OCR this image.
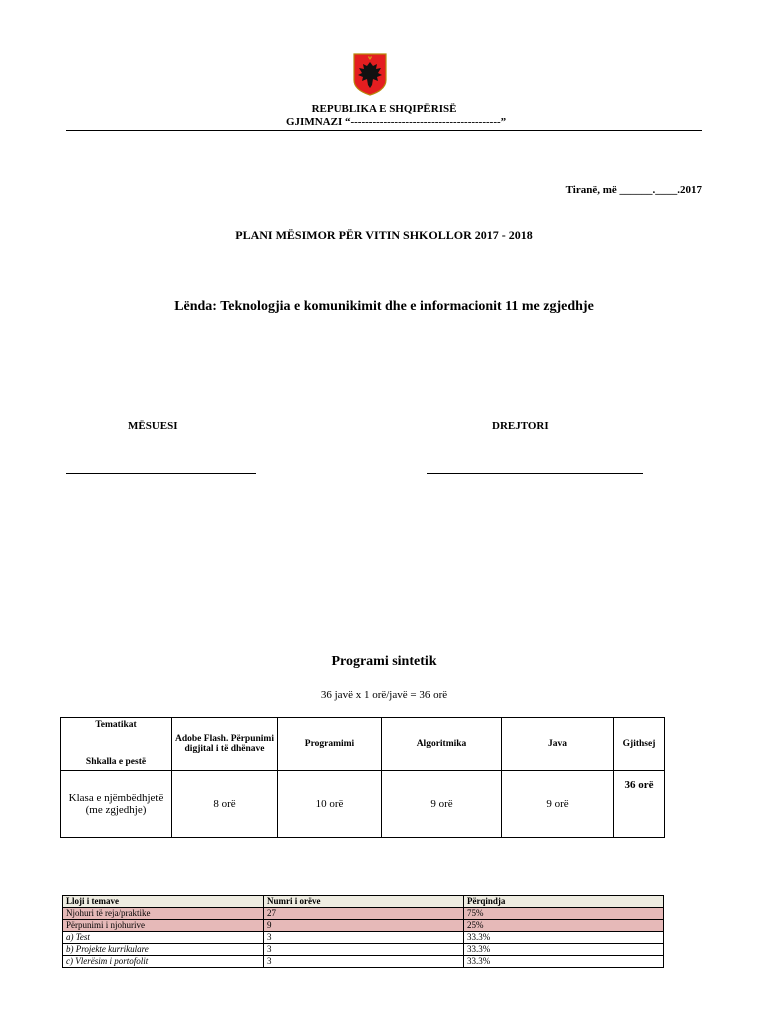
REPUBLIKA E SHQIPËRISË
GJIMNAZI “-----------------------------------------”
Tiranë, më ______.____.2017
PLANI MËSIMOR PËR VITIN SHKOLLOR 2017 - 2018
Lënda: Teknologjia e komunikimit dhe e informacionit 11 me zgjedhje
MËSUESI	DREJTORI
Programi sintetik
36 javë x 1 orë/javë = 36 orë
Tematikat
Shkalla e pestë	Adobe Flash. Përpunimi digjital i të dhënave	Programimi	Algoritmika	Java	Gjithsej
Klasa e njëmbëdhjetë (me zgjedhje)	8 orë	10 orë	9 orë	9 orë	36 orë
Lloji i temave	Numri i orëve	Përqindja
Njohuri të reja/praktike	27	75%
Përpunimi i njohurive	9	25%
a) Test	3	33.3%
b) Projekte kurrikulare	3	33.3%
c) Vlerësim i portofolit	3	33.3%
